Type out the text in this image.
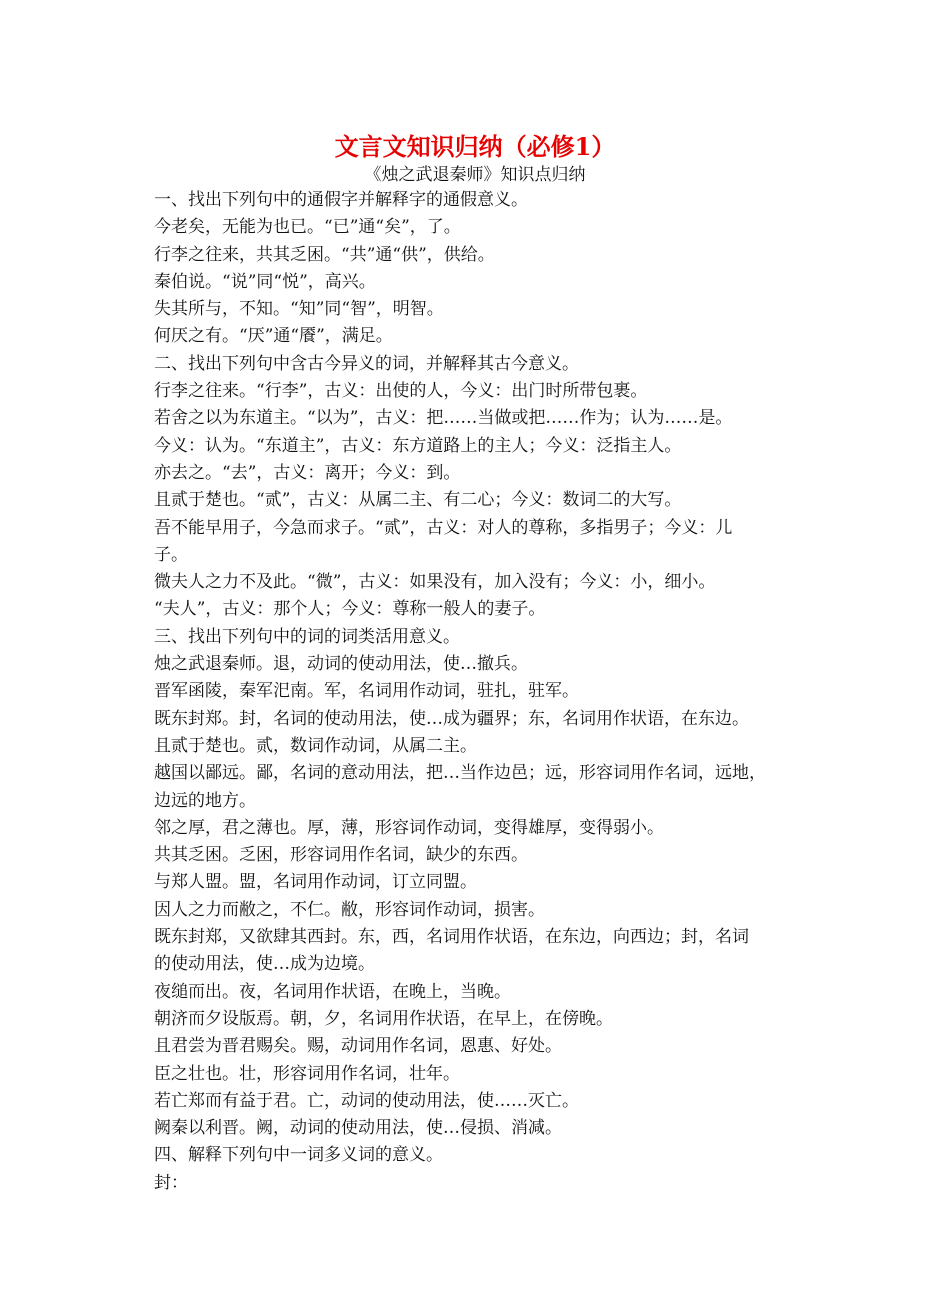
文言文知识归纳（必修1）
《烛之武退秦师》知识点归纳
一、找出下列句中的通假字并解释字的通假意义。
今老矣，无能为也已。“已”通“矣”，了。
行李之往来，共其乏困。“共”通“供”，供给。
秦伯说。“说”同“悦”，高兴。
失其所与，不知。“知”同“智”，明智。
何厌之有。“厌”通“餍”，满足。
二、找出下列句中含古今异义的词，并解释其古今意义。
行李之往来。“行李”，古义：出使的人，今义：出门时所带包裹。
若舍之以为东道主。“以为”，古义：把……当做或把……作为；认为……是。
今义：认为。“东道主”，古义：东方道路上的主人；今义：泛指主人。
亦去之。“去”，古义：离开；今义：到。
且贰于楚也。“贰”，古义：从属二主、有二心；今义：数词二的大写。
吾不能早用子，今急而求子。“贰”，古义：对人的尊称，多指男子；今义：儿
子。
微夫人之力不及此。“微”，古义：如果没有，加入没有；今义：小，细小。
“夫人”，古义：那个人；今义：尊称一般人的妻子。
三、找出下列句中的词的词类活用意义。
烛之武退秦师。退，动词的使动用法，使…撤兵。
晋军函陵，秦军汜南。军，名词用作动词，驻扎，驻军。
既东封郑。封，名词的使动用法，使…成为疆界；东，名词用作状语，在东边。
且贰于楚也。贰，数词作动词，从属二主。
越国以鄙远。鄙，名词的意动用法，把…当作边邑；远，形容词用作名词，远地，
边远的地方。
邻之厚，君之薄也。厚，薄，形容词作动词，变得雄厚，变得弱小。
共其乏困。乏困，形容词用作名词，缺少的东西。
与郑人盟。盟，名词用作动词，订立同盟。
因人之力而敝之，不仁。敝，形容词作动词，损害。
既东封郑，又欲肆其西封。东，西，名词用作状语，在东边，向西边；封，名词
的使动用法，使…成为边境。
夜缒而出。夜，名词用作状语，在晚上，当晚。
朝济而夕设版焉。朝，夕，名词用作状语，在早上，在傍晚。
且君尝为晋君赐矣。赐，动词用作名词，恩惠、好处。
臣之壮也。壮，形容词用作名词，壮年。
若亡郑而有益于君。亡，动词的使动用法，使……灭亡。
阙秦以利晋。阙，动词的使动用法，使…侵损、消减。
四、解释下列句中一词多义词的意义。
封：
